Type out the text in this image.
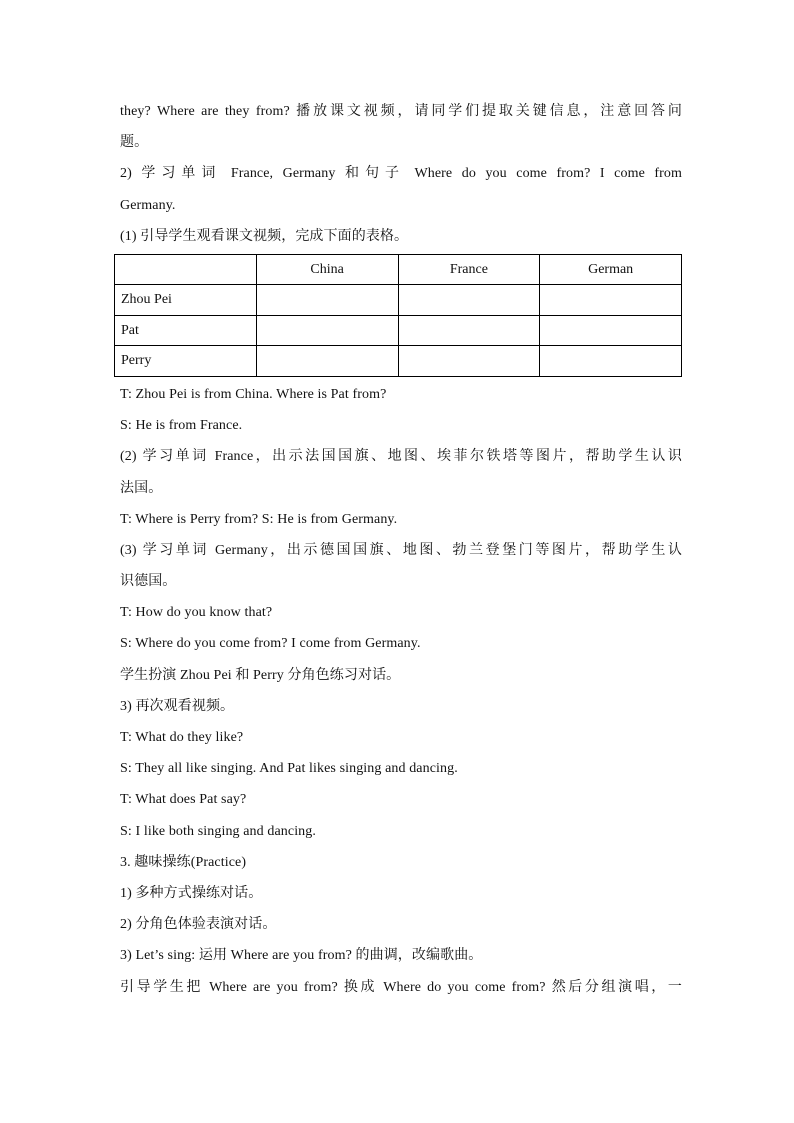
they? Where are they from? 播放课文视频，请同学们提取关键信息，注意回答问
题。
2) 学习单词 France, Germany 和句子 Where do you come from? I come from
Germany.
(1) 引导学生观看课文视频，完成下面的表格。
	China	France	German
Zhou Pei			
Pat			
Perry			
T: Zhou Pei is from China. Where is Pat from?
S: He is from France.
(2) 学习单词 France，出示法国国旗、地图、埃菲尔铁塔等图片，帮助学生认识
法国。
T: Where is Perry from? S: He is from Germany.
(3) 学习单词 Germany，出示德国国旗、地图、勃兰登堡门等图片，帮助学生认
识德国。
T: How do you know that?
S: Where do you come from? I come from Germany.
学生扮演 Zhou Pei 和 Perry 分角色练习对话。
3) 再次观看视频。
T: What do they like?
S: They all like singing. And Pat likes singing and dancing.
T: What does Pat say?
S: I like both singing and dancing.
3. 趣味操练(Practice)
1) 多种方式操练对话。
2) 分角色体验表演对话。
3) Let’s sing: 运用 Where are you from? 的曲调，改编歌曲。
引导学生把 Where are you from? 换成 Where do you come from? 然后分组演唱，一
